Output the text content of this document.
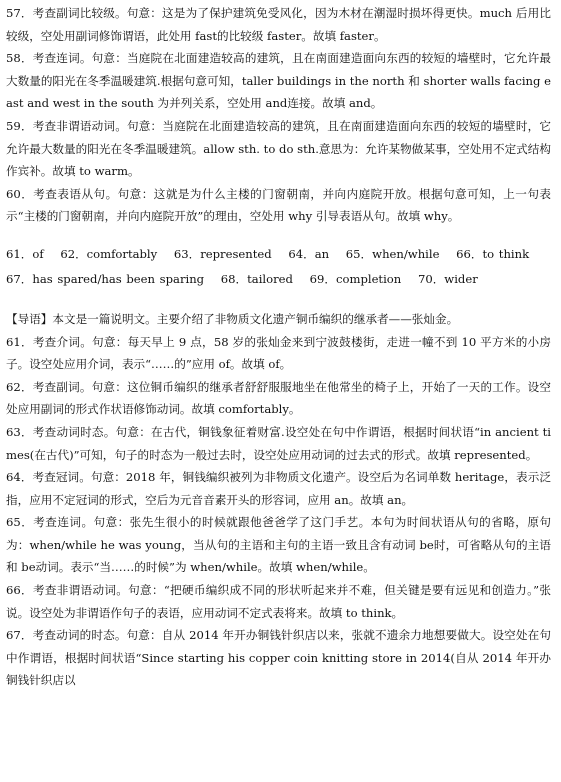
57．考查副词比较级。句意：这是为了保护建筑免受风化，因为木材在潮湿时损坏得更快。much 后用比较级，空处用副词修饰谓语，此处用 fast的比较级 faster。故填 faster。

58．考查连词。句意：当庭院在北面建造较高的建筑，且在南面建造面向东西的较短的墙壁时，它允许最大数量的阳光在冬季温暖建筑.根据句意可知，taller buildings in the north 和 shorter walls facing east and west in the south 为并列关系，空处用 and连接。故填 and。

59．考查非谓语动词。句意：当庭院在北面建造较高的建筑，且在南面建造面向东西的较短的墙壁时，它允许最大数量的阳光在冬季温暖建筑。allow sth. to do sth.意思为：允许某物做某事，空处用不定式结构作宾补。故填 to warm。

60．考查表语从句。句意：这就是为什么主楼的门窗朝南，并向内庭院开放。根据句意可知，上一句表示“主楼的门窗朝南，并向内庭院开放”的理由，空处用 why 引导表语从句。故填 why。

61．of 62．comfortably 63．represented 64．an 65．when/while 66．to think 67．has spared/has been sparing 68．tailored 69．completion 70．wider

【导语】本文是一篇说明文。主要介绍了非物质文化遗产铜币编织的继承者——张灿金。

61．考查介词。句意：每天早上 9 点，58 岁的张灿金来到宁波鼓楼街，走进一幢不到 10 平方米的小房子。设空处应用介词，表示“……的”应用 of。故填 of。

62．考查副词。句意：这位铜币编织的继承者舒舒服服地坐在他常坐的椅子上，开始了一天的工作。设空处应用副词的形式作状语修饰动词。故填 comfortably。

63．考查动词时态。句意：在古代，铜钱象征着财富.设空处在句中作谓语，根据时间状语“in ancient times(在古代)”可知，句子的时态为一般过去时，设空处应用动词的过去式的形式。故填 represented。

64．考查冠词。句意：2018 年，铜钱编织被列为非物质文化遗产。设空后为名词单数 heritage，表示泛指，应用不定冠词的形式，空后为元音音素开头的形容词，应用 an。故填 an。

65．考查连词。句意：张先生很小的时候就跟他爸爸学了这门手艺。本句为时间状语从句的省略，原句为：when/while he was young，当从句的主语和主句的主语一致且含有动词 be时，可省略从句的主语和 be动词。表示“当……的时候”为 when/while。故填 when/while。

66．考查非谓语动词。句意：“把硬币编织成不同的形状听起来并不难，但关键是要有远见和创造力。”张说。设空处为非谓语作句子的表语，应用动词不定式表将来。故填 to think。

67．考查动词的时态。句意：自从 2014 年开办铜钱针织店以来，张就不遗余力地想要做大。设空处在句中作谓语，根据时间状语“Since starting his copper coin knitting store in 2014(自从 2014 年开办铜钱针织店以
